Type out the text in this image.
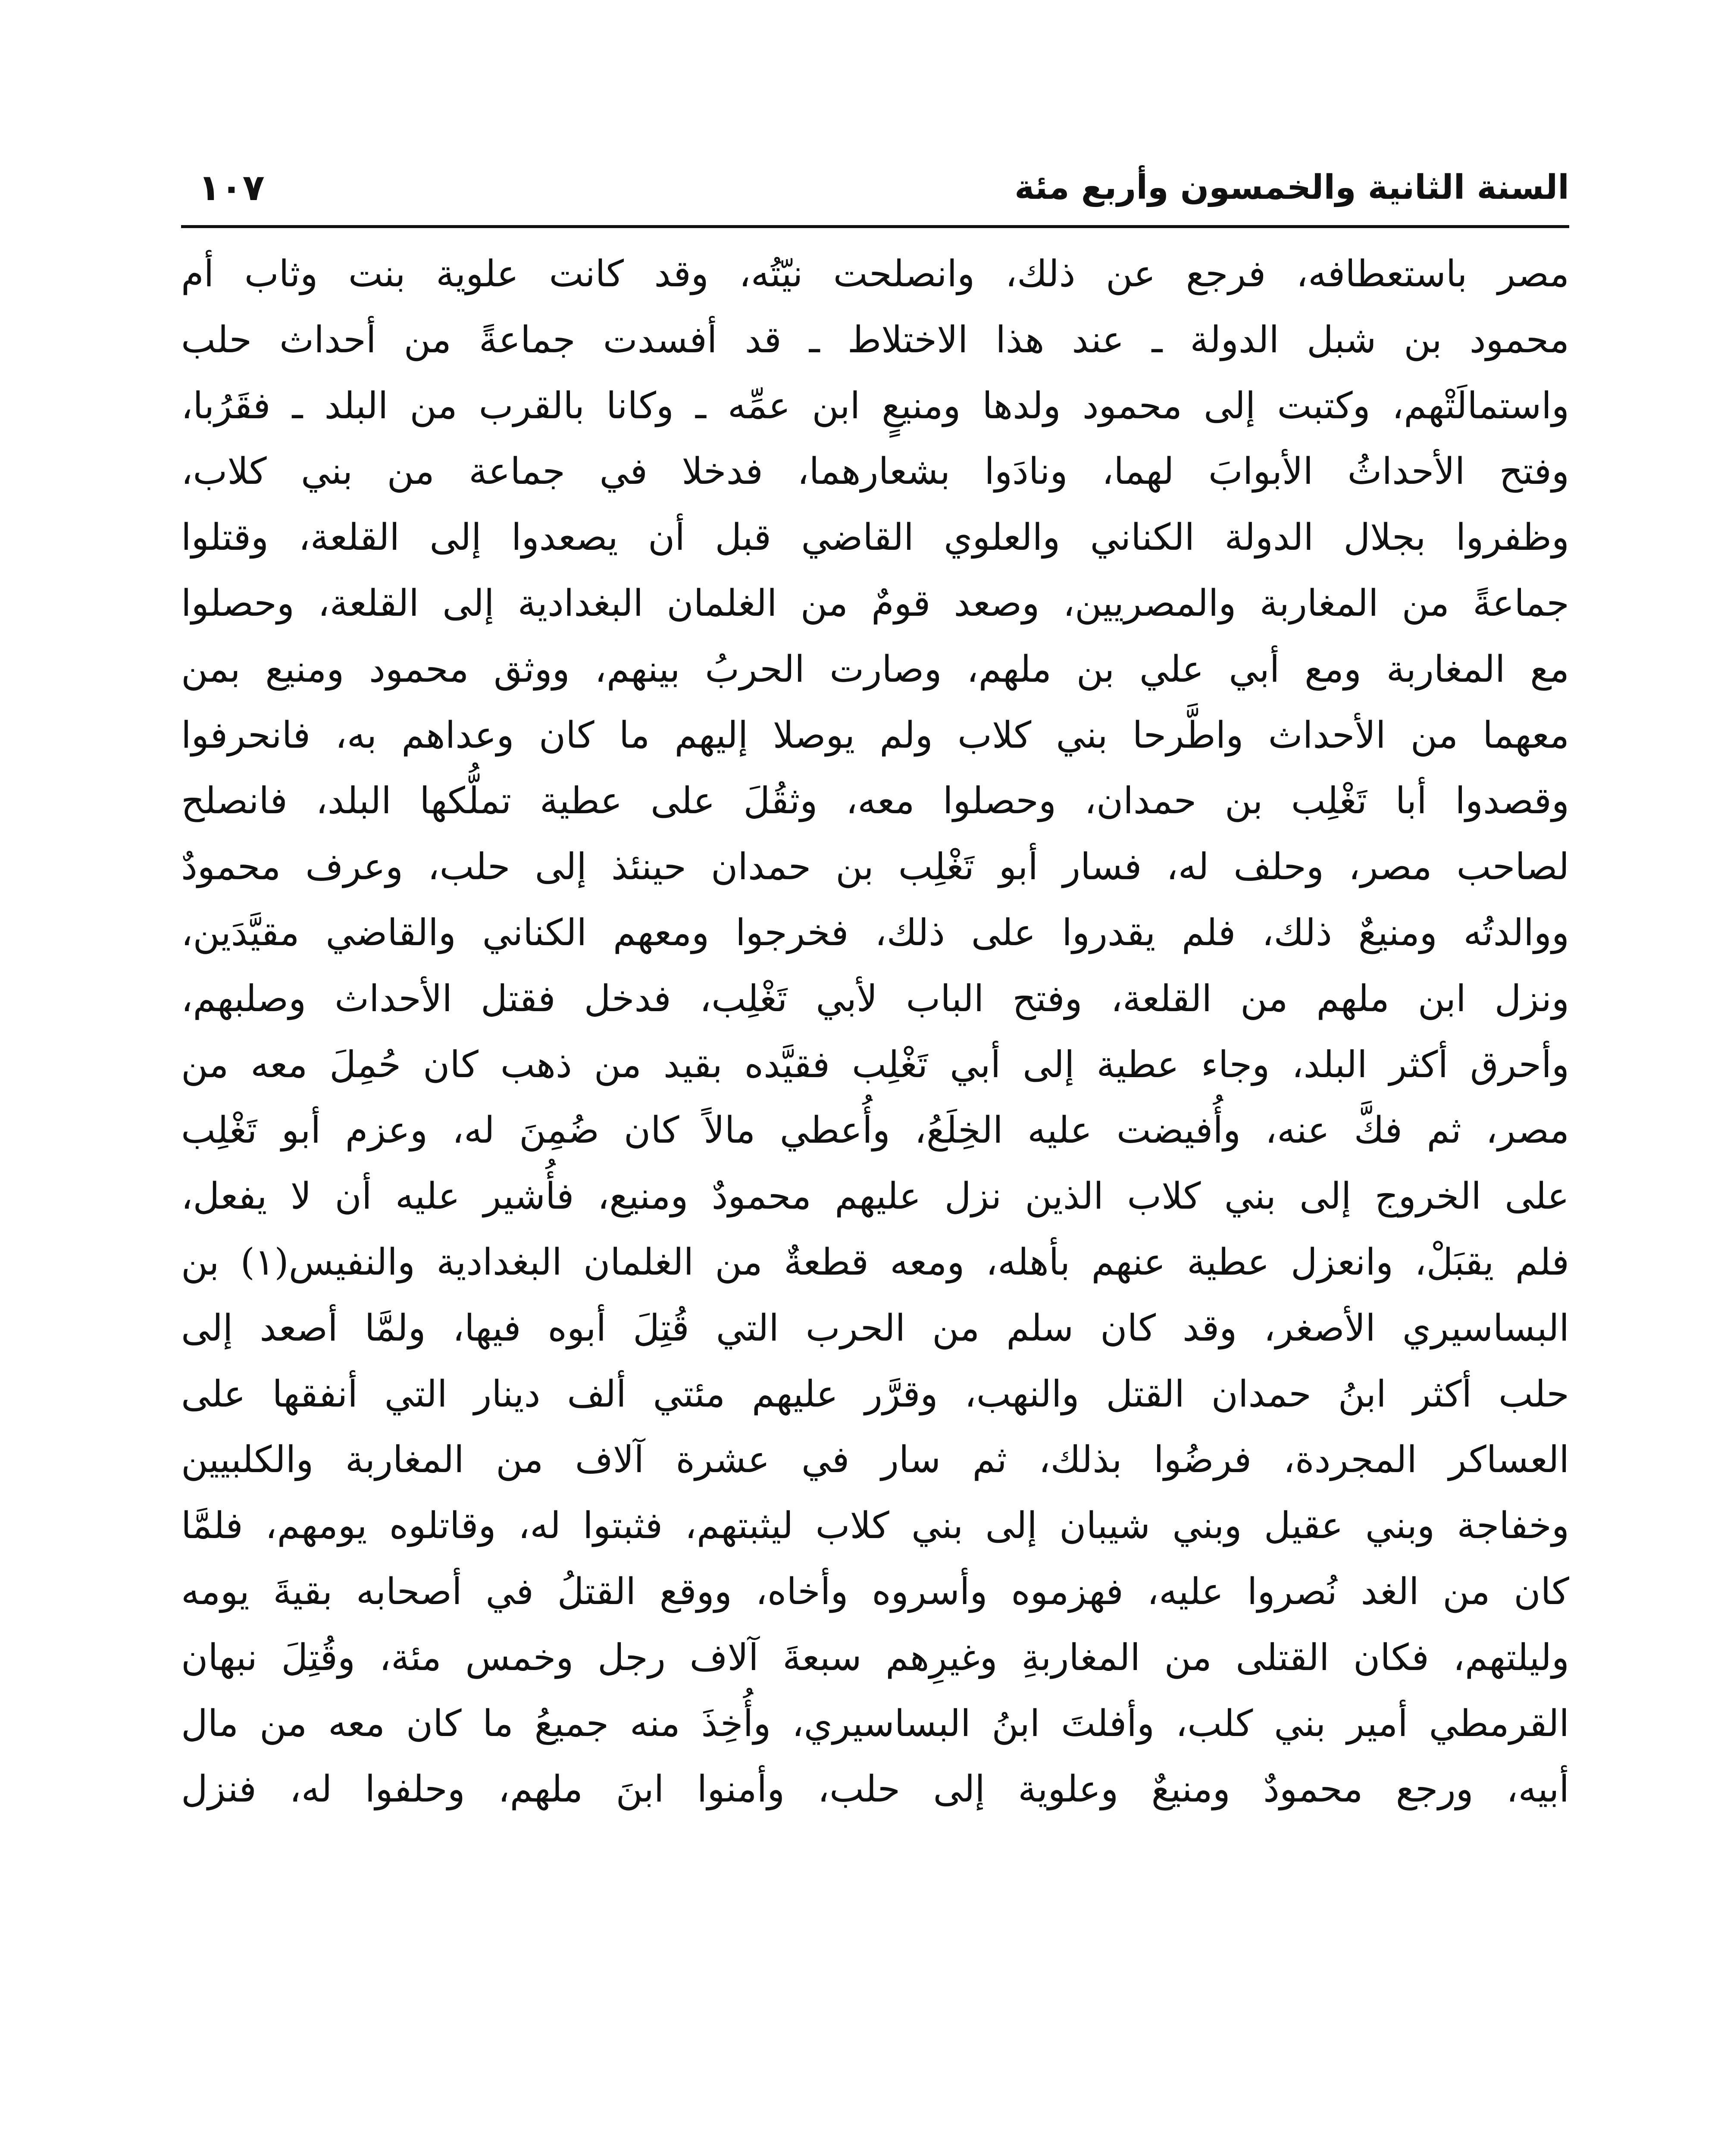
السنة الثانية والخمسون وأربع مئة
١٠٧
مصر باستعطافه، فرجع عن ذلك، وانصلحت نيّتُه، وقد كانت علوية بنت وثاب أم
محمود بن شبل الدولة ـ عند هذا الاختلاط ـ قد أفسدت جماعةً من أحداث حلب
واستمالَتْهم، وكتبت إلى محمود ولدها ومنيعٍ ابن عمِّه ـ وكانا بالقرب من البلد ـ فقَرُبا،
وفتح الأحداثُ الأبوابَ لهما، ونادَوا بشعارهما، فدخلا في جماعة من بني كلاب،
وظفروا بجلال الدولة الكناني والعلوي القاضي قبل أن يصعدوا إلى القلعة، وقتلوا
جماعةً من المغاربة والمصريين، وصعد قومٌ من الغلمان البغدادية إلى القلعة، وحصلوا
مع المغاربة ومع أبي علي بن ملهم، وصارت الحربُ بينهم، ووثق محمود ومنيع بمن
معهما من الأحداث واطَّرحا بني كلاب ولم يوصلا إليهم ما كان وعداهم به، فانحرفوا
وقصدوا أبا تَغْلِب بن حمدان، وحصلوا معه، وثقُلَ على عطية تملُّكها البلد، فانصلح
لصاحب مصر، وحلف له، فسار أبو تَغْلِب بن حمدان حينئذ إلى حلب، وعرف محمودٌ
ووالدتُه ومنيعٌ ذلك، فلم يقدروا على ذلك، فخرجوا ومعهم الكناني والقاضي مقيَّدَين،
ونزل ابن ملهم من القلعة، وفتح الباب لأبي تَغْلِب، فدخل فقتل الأحداث وصلبهم،
وأحرق أكثر البلد، وجاء عطية إلى أبي تَغْلِب فقيَّده بقيد من ذهب كان حُمِلَ معه من
مصر، ثم فكَّ عنه، وأُفيضت عليه الخِلَعُ، وأُعطي مالاً كان ضُمِنَ له، وعزم أبو تَغْلِب
على الخروج إلى بني كلاب الذين نزل عليهم محمودٌ ومنيع، فأُشير عليه أن لا يفعل،
فلم يقبَلْ، وانعزل عطية عنهم بأهله، ومعه قطعةٌ من الغلمان البغدادية والنفيس(١) بن
البساسيري الأصغر، وقد كان سلم من الحرب التي قُتِلَ أبوه فيها، ولمَّا أصعد إلى
حلب أكثر ابنُ حمدان القتل والنهب، وقرَّر عليهم مئتي ألف دينار التي أنفقها على
العساكر المجردة، فرضُوا بذلك، ثم سار في عشرة آلاف من المغاربة والكلبيين
وخفاجة وبني عقيل وبني شيبان إلى بني كلاب ليثبتهم، فثبتوا له، وقاتلوه يومهم، فلمَّا
كان من الغد نُصروا عليه، فهزموه وأسروه وأخاه، ووقع القتلُ في أصحابه بقيةَ يومه
وليلتهم، فكان القتلى من المغاربةِ وغيرِهم سبعةَ آلاف رجل وخمس مئة، وقُتِلَ نبهان
القرمطي أمير بني كلب، وأفلتَ ابنُ البساسيري، وأُخِذَ منه جميعُ ما كان معه من مال
أبيه، ورجع محمودٌ ومنيعٌ وعلوية إلى حلب، وأمنوا ابنَ ملهم، وحلفوا له، فنزل
